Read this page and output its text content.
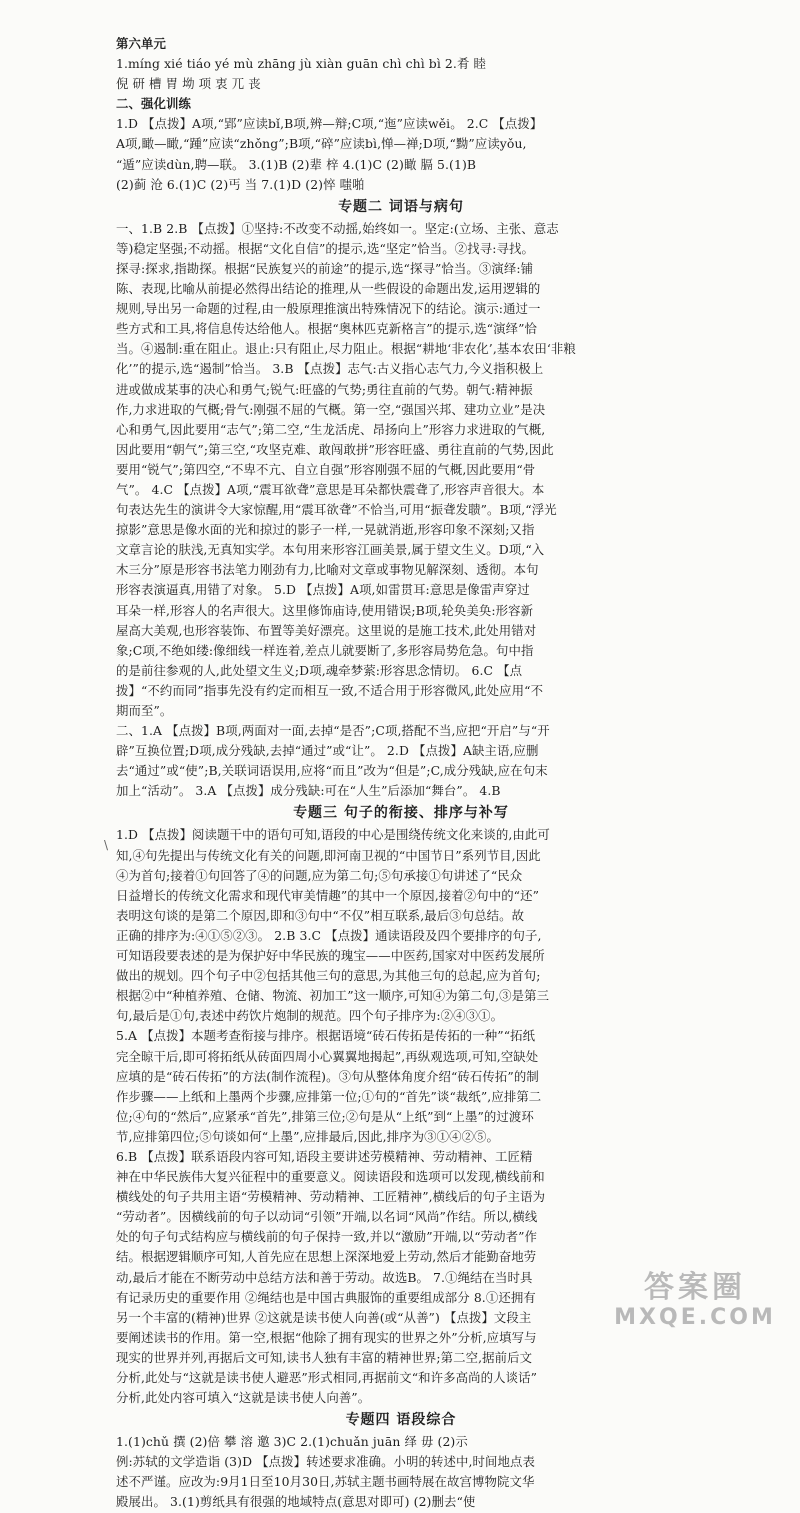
第六单元
1.míng xié tiáo yé mù zhāng jù xiàn guān chì chì bì 2.肴 睦
倪 研 槽 胃 坳 项 衷 兀 丧
二、强化训练
1.D 【点拨】A项,“郢”应读bǐ,B项,辨—辩;C项,“迤”应读wěi。 2.C 【点拨】
A项,瞰—瞰,“踵”应读“zhǒng”;B项,“碎”应读bì,惮—禅;D项,“黝”应读yǒu,
“遁”应读dùn,聘—联。 3.(1)B (2)辈 梓 4.(1)C (2)瞰 膈 5.(1)B
(2)蓟 沧 6.(1)C (2)丐 当 7.(1)D (2)悴 嗤啪
专题二 词语与病句
一、1.B 2.B 【点拨】①坚持:不改变不动摇,始终如一。坚定:(立场、主张、意志
等)稳定坚强;不动摇。根据“文化自信”的提示,选“坚定”恰当。②找寻:寻找。
探寻:探求,指勘探。根据“民族复兴的前途”的提示,选“探寻”恰当。③演绎:铺
陈、表现,比喻从前提必然得出结论的推理,从一些假设的命题出发,运用逻辑的
规则,导出另一命题的过程,由一般原理推演出特殊情况下的结论。演示:通过一
些方式和工具,将信息传达给他人。根据“奥林匹克新格言”的提示,选“演绎”恰
当。④遏制:重在阻止。退止:只有阻止,尽力阻止。根据“耕地‘非农化’,基本农田‘非粮
化’”的提示,选“遏制”恰当。 3.B 【点拨】志气:古义指心志气力,今义指积极上
进或做成某事的决心和勇气;锐气:旺盛的气势;勇往直前的气势。朝气:精神振
作,力求进取的气概;骨气:刚强不屈的气概。第一空,“强国兴邦、建功立业”是决
心和勇气,因此要用“志气”;第二空,“生龙活虎、昂扬向上”形容力求进取的气概,
因此要用“朝气”;第三空,“攻坚克难、敢闯敢拼”形容旺盛、勇往直前的气势,因此
要用“锐气”;第四空,“不卑不亢、自立自强”形容刚强不屈的气概,因此要用“骨
气”。 4.C 【点拨】A项,“震耳欲聋”意思是耳朵都快震聋了,形容声音很大。本
句表达先生的演讲令大家惊醒,用“震耳欲聋”不恰当,可用“振聋发聩”。B项,“浮光
掠影”意思是像水面的光和掠过的影子一样,一晃就消逝,形容印象不深刻;又指
文章言论的肤浅,无真知实学。本句用来形容江画美景,属于望文生义。D项,“入
木三分”原是形容书法笔力刚劲有力,比喻对文章或事物见解深刻、透彻。本句
形容表演逼真,用错了对象。 5.D 【点拨】A项,如雷贯耳:意思是像雷声穿过
耳朵一样,形容人的名声很大。这里修饰庙诗,使用错误;B项,轮奂美奂:形容新
屋高大美观,也形容装饰、布置等美好漂亮。这里说的是施工技术,此处用错对
象;C项,不绝如缕:像细线一样连着,差点儿就要断了,多形容局势危急。句中指
的是前往参观的人,此处望文生义;D项,魂牵梦萦:形容思念情切。 6.C 【点
拨】“不约而同”指事先没有约定而相互一致,不适合用于形容微风,此处应用“不
期而至”。
二、1.A 【点拨】B项,两面对一面,去掉“是否”;C项,搭配不当,应把“开启”与“开
辟”互换位置;D项,成分残缺,去掉“通过”或“让”。 2.D 【点拨】A缺主语,应删
去“通过”或“使”;B,关联词语误用,应将“而且”改为“但是”;C,成分残缺,应在句末
加上“活动”。 3.A 【点拨】成分残缺:可在“人生”后添加“舞台”。 4.B
专题三 句子的衔接、排序与补写
1.D 【点拨】阅读题干中的语句可知,语段的中心是围绕传统文化来谈的,由此可
知,④句先提出与传统文化有关的问题,即河南卫视的“中国节日”系列节目,因此
④为首句;接着①句回答了④的问题,应为第二句;⑤句承接①句讲述了“民众
日益增长的传统文化需求和现代审美情趣”的其中一个原因,接着②句中的“还”
表明这句谈的是第二个原因,即和③句中“不仅”相互联系,最后③句总结。故
正确的排序为:④①⑤②③。 2.B 3.C 【点拨】通读语段及四个要排序的句子,
可知语段要表述的是为保护好中华民族的瑰宝——中医药,国家对中医药发展所
做出的规划。四个句子中②包括其他三句的意思,为其他三句的总起,应为首句;
根据②中“种植养殖、仓储、物流、初加工”这一顺序,可知④为第二句,③是第三
句,最后是①句,表述中药饮片炮制的规范。四个句子排序为:②④③①。
5.A 【点拨】本题考查衔接与排序。根据语境“砖石传拓是传拓的一种”“拓纸
完全晾干后,即可将拓纸从砖面四周小心翼翼地揭起”,再纵观选项,可知,空缺处
应填的是“砖石传拓”的方法(制作流程)。③句从整体角度介绍“砖石传拓”的制
作步骤——上纸和上墨两个步骤,应排第一位;①句的“首先”谈“裁纸”,应排第二
位;④句的“然后”,应紧承“首先”,排第三位;②句是从“上纸”到“上墨”的过渡环
节,应排第四位;⑤句谈如何“上墨”,应排最后,因此,排序为③①④②⑤。
6.B 【点拨】联系语段内容可知,语段主要讲述劳模精神、劳动精神、工匠精
神在中华民族伟大复兴征程中的重要意义。阅读语段和选项可以发现,横线前和
横线处的句子共用主语“劳模精神、劳动精神、工匠精神”,横线后的句子主语为
“劳动者”。因横线前的句子以动词“引领”开端,以名词“风尚”作结。所以,横线
处的句子句式结构应与横线前的句子保持一致,并以“激励”开端,以“劳动者”作
结。根据逻辑顺序可知,人首先应在思想上深深地爱上劳动,然后才能勤奋地劳
动,最后才能在不断劳动中总结方法和善于劳动。故选B。 7.①绳结在当时具
有记录历史的重要作用 ②绳结也是中国古典服饰的重要组成部分 8.①还拥有
另一个丰富的(精神)世界 ②这就是读书使人向善(或“从善”) 【点拨】文段主
要阐述读书的作用。第一空,根据“他除了拥有现实的世界之外”分析,应填写与
现实的世界并列,再据后文可知,读书人独有丰富的精神世界;第二空,据前后文
分析,此处与“这就是读书使人避恶”形式相同,再据前文“和许多高尚的人谈话”
分析,此处内容可填入“这就是读书使人向善”。
专题四 语段综合
1.(1)chǔ 撰 (2)倍 攀 溶 邀 3)C 2.(1)chuǎn juān 绎 毋 (2)示
例:苏轼的文学造诣 (3)D 【点拨】转述要求准确。小明的转述中,时间地点表
述不严谨。应改为:9月1日至10月30日,苏轼主题书画特展在故宫博物院文华
殿展出。 3.(1)剪纸具有很强的地域特点(意思对即可) (2)删去“使
\
答案圈
MXQE.COM
